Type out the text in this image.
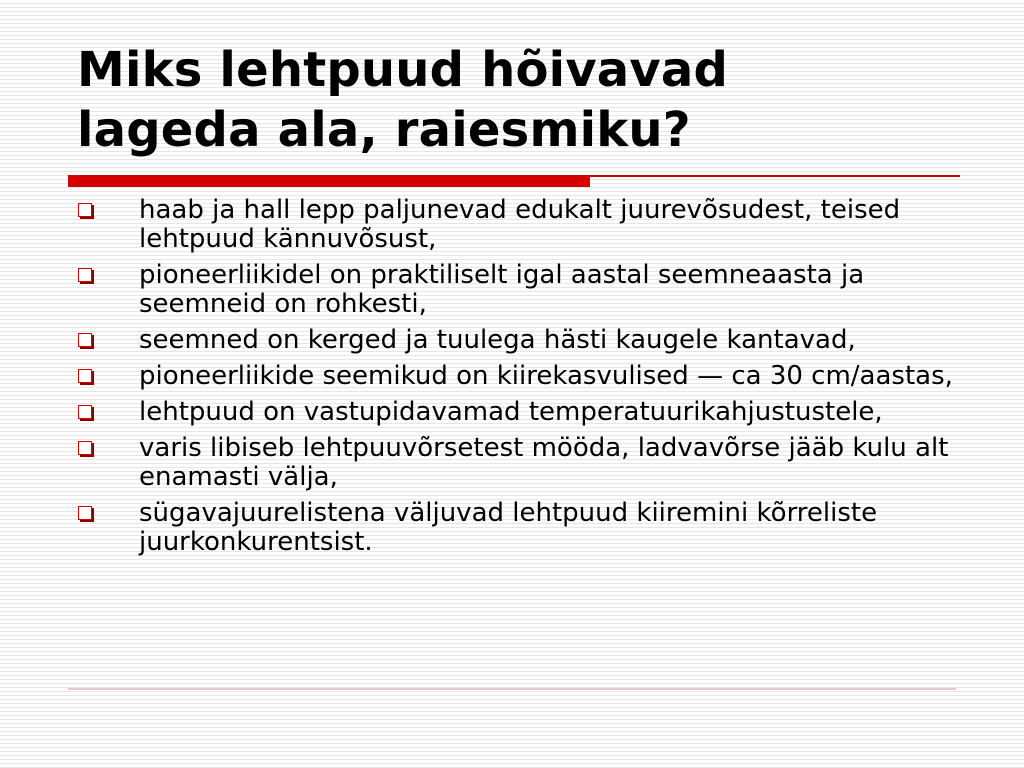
Miks lehtpuud hõivavad
lageda ala, raiesmiku?
haab ja hall lepp paljunevad edukalt juurevõsudest, teised lehtpuud kännuvõsust,
pioneerliikidel on praktiliselt igal aastal seemneaasta ja seemneid on rohkesti,
seemned on kerged ja tuulega hästi kaugele kantavad,
pioneerliikide seemikud on kiirekasvulised — ca 30 cm/aastas,
lehtpuud on vastupidavamad temperatuurikahjustustele,
varis libiseb lehtpuuvõrsetest mööda, ladvavõrse jääb kulu alt enamasti välja,
sügavajuurelistena väljuvad lehtpuud kiiremini kõrreliste juurkonkurentsist.
